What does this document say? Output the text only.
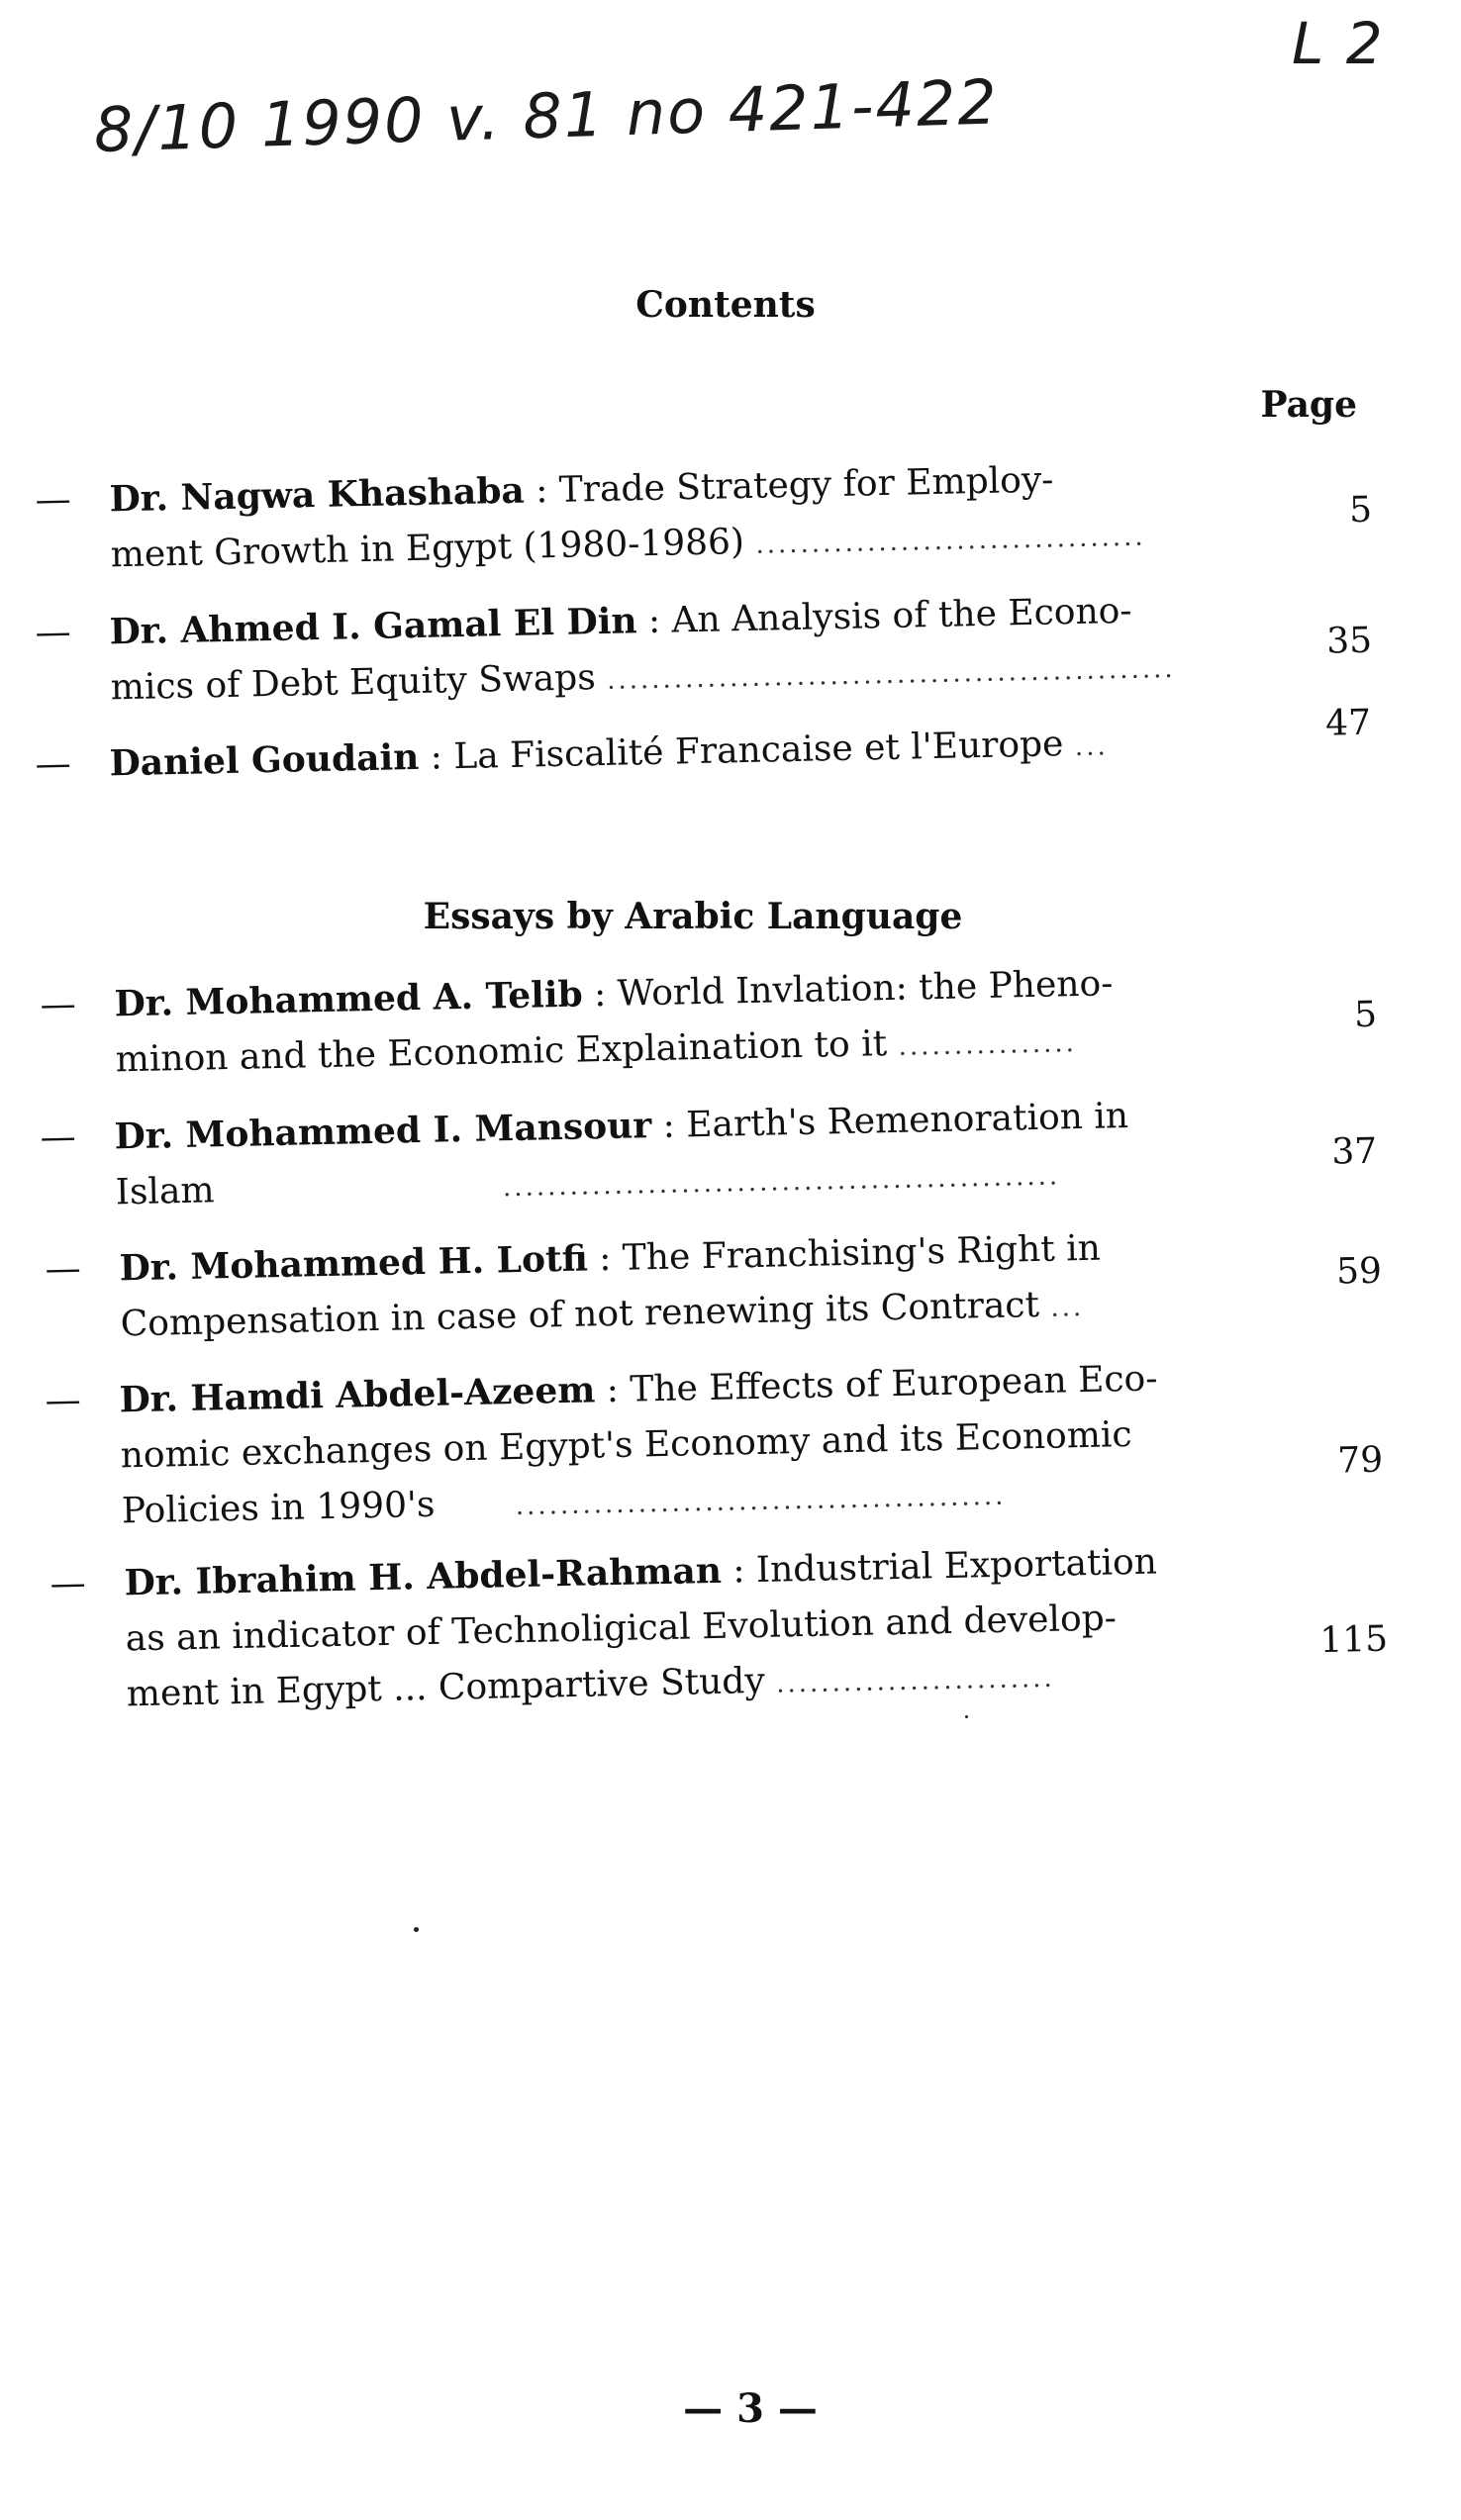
8/10 1990 v. 81 no 421-422
L 2
Contents
Page
—	Dr. Nagwa Khashaba : Trade Strategy for Employ-
ment Growth in Egypt (1980-1986) ...................................
5
—	Dr. Ahmed I. Gamal El Din : An Analysis of the Econo-
mics of Debt Equity Swaps ...................................................
35
—	Daniel Goudain : La Fiscalité Francaise et l'Europe ...
47
Essays by Arabic Language
—	Dr. Mohammed A. Telib : World Invlation: the Pheno-
minon and the Economic Explaination to it ................
5
—	Dr. Mohammed I. Mansour : Earth's Remenoration in
Islam	..................................................
37
—	Dr. Mohammed H. Lotfi : The Franchising's Right in
Compensation in case of not renewing its Contract ...
59
—	Dr. Hamdi Abdel-Azeem : The Effects of European Eco-
nomic exchanges on Egypt's Economy and its Economic
Policies in 1990's	............................................
79
—	Dr. Ibrahim H. Abdel-Rahman : Industrial Exportation
as an indicator of Technoligical Evolution and develop-
ment in Egypt ... Compartive Study .........................
115
— 3 —
